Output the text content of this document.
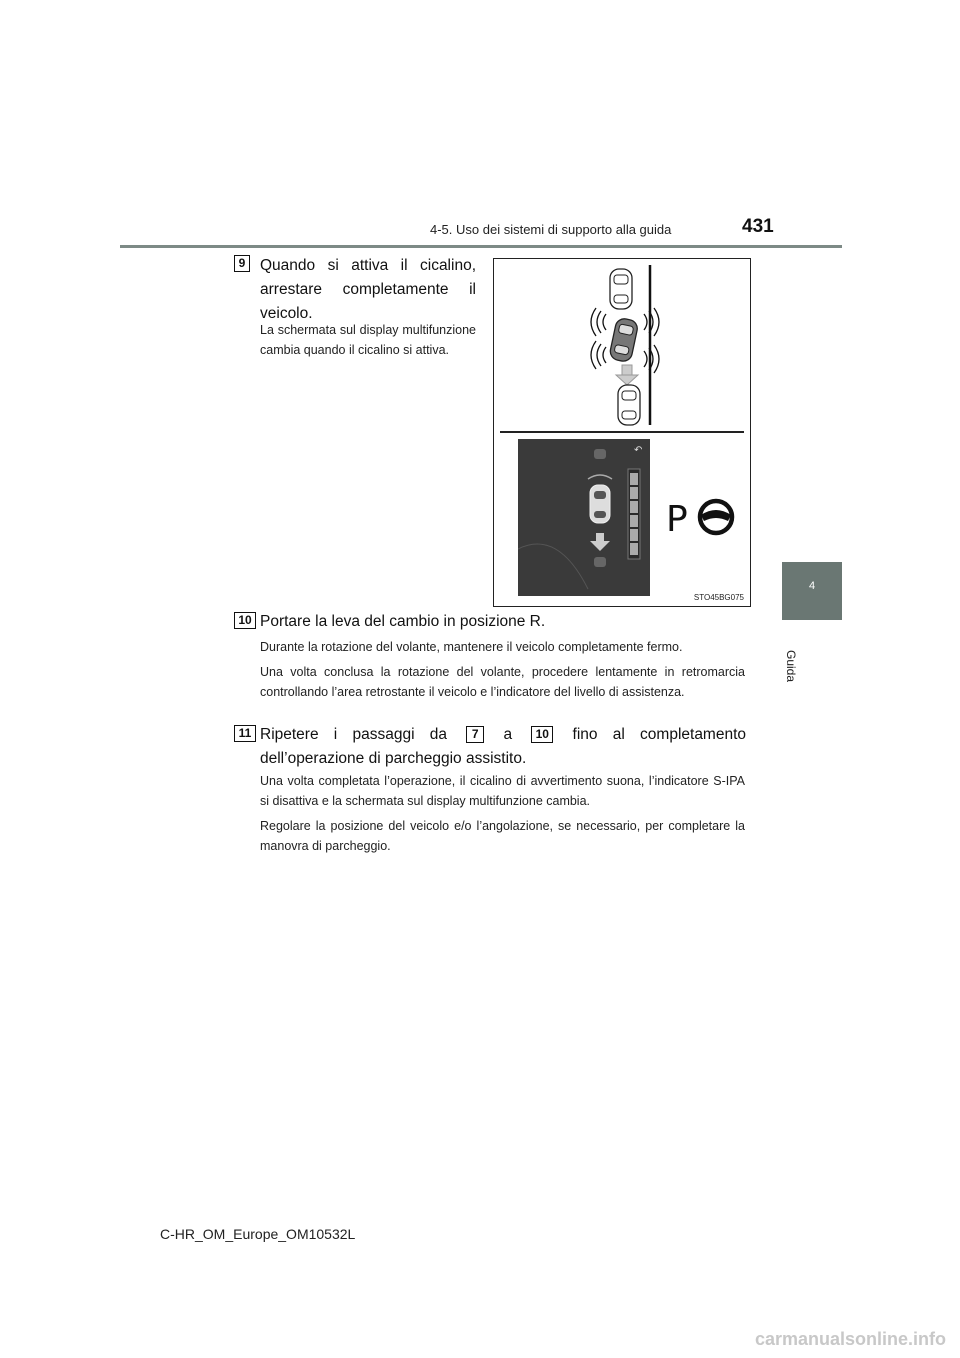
4-5. Uso dei sistemi di supporto alla guida	431
4
Guida
9 Quando si attiva il cicalino, arrestare completamente il veicolo.
La schermata sul display multifunzione cambia quando il cicalino si attiva.
↶
P
STO45BG075
10 Portare la leva del cambio in posizione R.
Durante la rotazione del volante, mantenere il veicolo completamente fermo.
Una volta conclusa la rotazione del volante, procedere lentamente in retromarcia controllando l’area retrostante il veicolo e l’indicatore del livello di assistenza.
11 Ripetere i passaggi da 7 a 10 fino al completamento dell’operazione di parcheggio assistito.
Una volta completata l’operazione, il cicalino di avvertimento suona, l’indicatore S-IPA si disattiva e la schermata sul display multifunzione cambia.
Regolare la posizione del veicolo e/o l’angolazione, se necessario, per completare la manovra di parcheggio.
C-HR_OM_Europe_OM10532L
carmanualsonline.info
